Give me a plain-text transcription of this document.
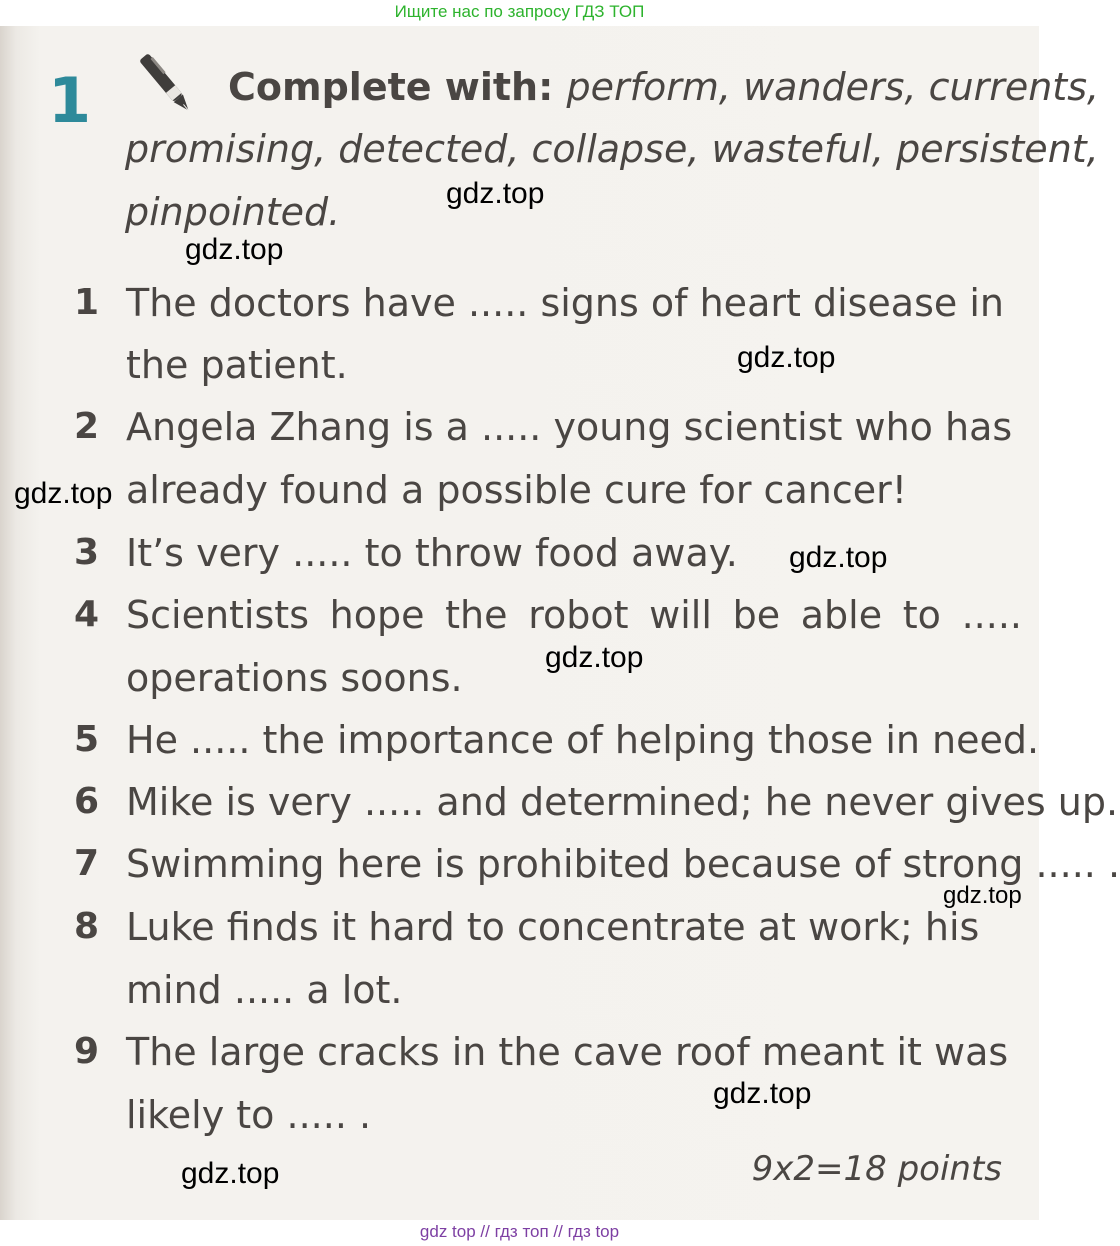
Ищите нас по запросу ГДЗ ТОП
1	Complete with: perform, wanders, currents,
promising, detected, collapse, wasteful, persistent,
pinpointed.
1 The doctors have ..... signs of heart disease in
the patient.
2 Angela Zhang is a ..... young scientist who has
already found a possible cure for cancer!
3 It’s very ..... to throw food away.
4 Scientists hope the robot will be able to .....
operations soons.
5 He ..... the importance of helping those in need.
6 Mike is very ..... and determined; he never gives up.
7 Swimming here is prohibited because of strong ..... .
8 Luke finds it hard to concentrate at work; his
mind ..... a lot.
9 The large cracks in the cave roof meant it was
likely to ..... .
9x2=18 points
gdz.top
gdz.top
gdz.top
gdz.top
gdz.top
gdz.top
gdz.top
gdz.top
gdz.top
gdz top // гдз топ // гдз top
